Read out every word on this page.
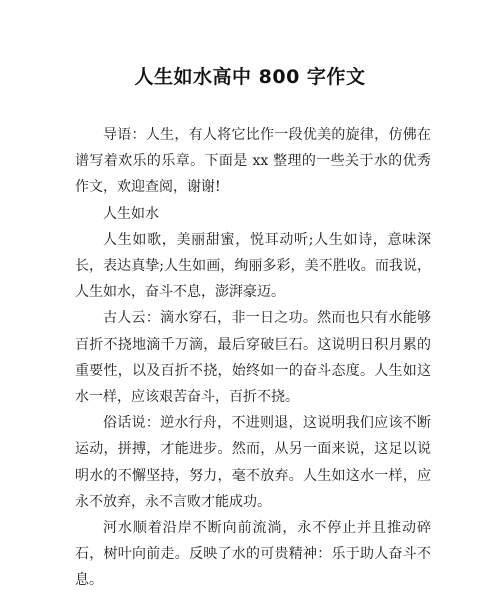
人生如水高中 800 字作文

导语：人生，有人将它比作一段优美的旋律，仿佛在谱写着欢乐的乐章。下面是 xx 整理的一些关于水的优秀作文，欢迎查阅，谢谢!

人生如水

人生如歌，美丽甜蜜，悦耳动听;人生如诗，意味深长，表达真挚;人生如画，绚丽多彩，美不胜收。而我说，人生如水，奋斗不息，澎湃豪迈。

古人云：滴水穿石，非一日之功。然而也只有水能够百折不挠地滴千万滴，最后穿破巨石。这说明日积月累的重要性，以及百折不挠，始终如一的奋斗态度。人生如这水一样，应该艰苦奋斗，百折不挠。

俗话说：逆水行舟，不进则退，这说明我们应该不断运动，拼搏，才能进步。然而，从另一面来说，这足以说明水的不懈坚持，努力，毫不放弃。人生如这水一样，应永不放弃，永不言败才能成功。

河水顺着沿岸不断向前流淌，永不停止并且推动碎石，树叶向前走。反映了水的可贵精神：乐于助人奋斗不息。
